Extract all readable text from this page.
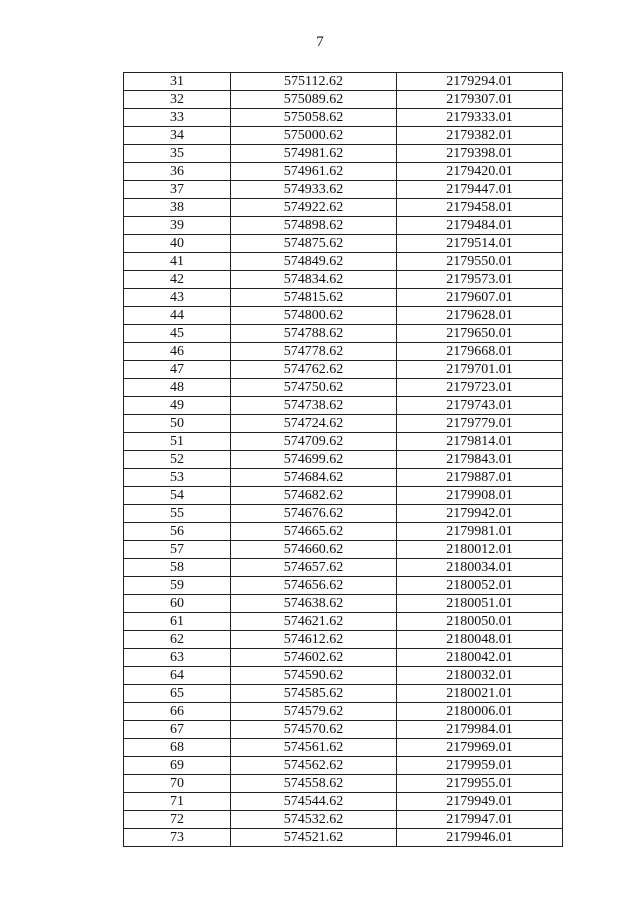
7
31	575112.62	2179294.01
32	575089.62	2179307.01
33	575058.62	2179333.01
34	575000.62	2179382.01
35	574981.62	2179398.01
36	574961.62	2179420.01
37	574933.62	2179447.01
38	574922.62	2179458.01
39	574898.62	2179484.01
40	574875.62	2179514.01
41	574849.62	2179550.01
42	574834.62	2179573.01
43	574815.62	2179607.01
44	574800.62	2179628.01
45	574788.62	2179650.01
46	574778.62	2179668.01
47	574762.62	2179701.01
48	574750.62	2179723.01
49	574738.62	2179743.01
50	574724.62	2179779.01
51	574709.62	2179814.01
52	574699.62	2179843.01
53	574684.62	2179887.01
54	574682.62	2179908.01
55	574676.62	2179942.01
56	574665.62	2179981.01
57	574660.62	2180012.01
58	574657.62	2180034.01
59	574656.62	2180052.01
60	574638.62	2180051.01
61	574621.62	2180050.01
62	574612.62	2180048.01
63	574602.62	2180042.01
64	574590.62	2180032.01
65	574585.62	2180021.01
66	574579.62	2180006.01
67	574570.62	2179984.01
68	574561.62	2179969.01
69	574562.62	2179959.01
70	574558.62	2179955.01
71	574544.62	2179949.01
72	574532.62	2179947.01
73	574521.62	2179946.01
